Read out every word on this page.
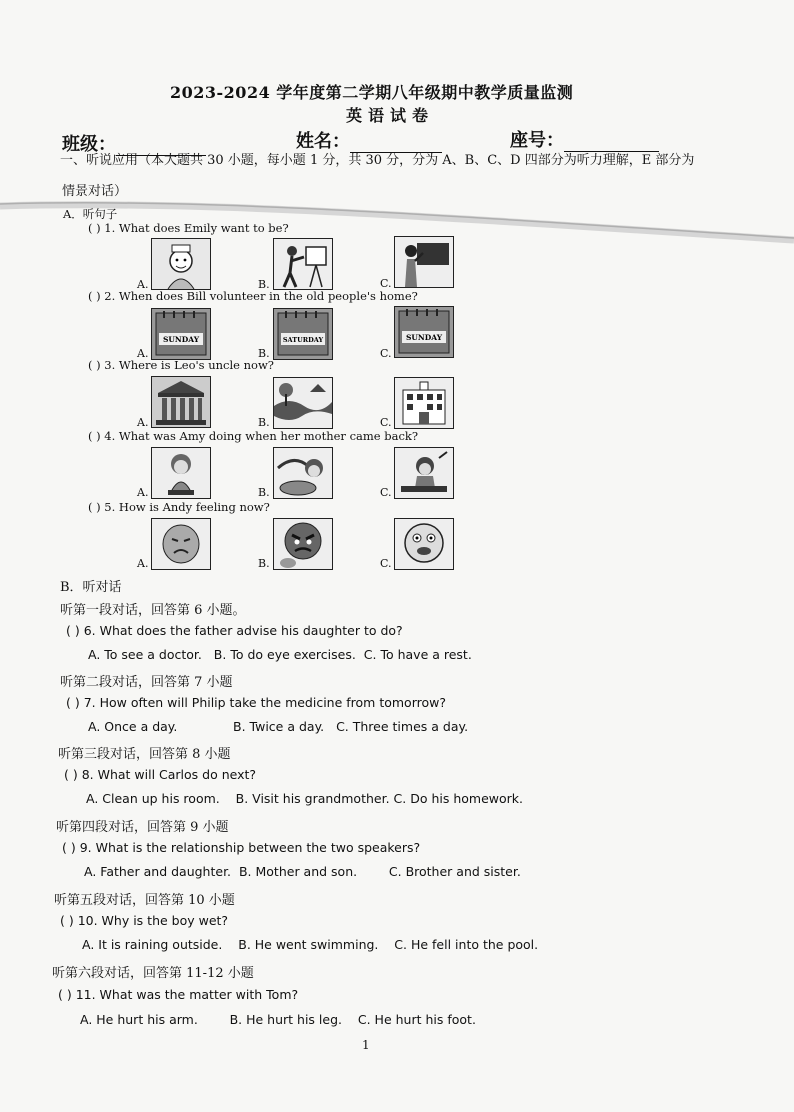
2023-2024 学年度第二学期八年级期中教学质量监测
英语试卷
班级：	姓名：	座号：
一、听说应用（本大题共 30 小题，每小题 1 分，共 30 分，分为 A、B、C、D 四部分为听力理解，E 部分为
情景对话）
A．听句子
( ) 1. What does Emily want to be?
A.	B.	C.
( ) 2. When does Bill volunteer in the old people's home?
A.
SUNDAY
B.
SATURDAY
C.
SUNDAY
( ) 3. Where is Leo's uncle now?
A.	B.	C.
( ) 4. What was Amy doing when her mother came back?
A.	B.	C.
( ) 5. How is Andy feeling now?
A.	B.	C.
B．听对话
听第一段对话，回答第 6 小题。
( ) 6. What does the father advise his daughter to do?
A. To see a doctor.   B. To do eye exercises.  C. To have a rest.
听第二段对话，回答第 7 小题
( ) 7. How often will Philip take the medicine from tomorrow?
A. Once a day.              B. Twice a day.   C. Three times a day.
听第三段对话，回答第 8 小题
( ) 8. What will Carlos do next?
A. Clean up his room.    B. Visit his grandmother. C. Do his homework.
听第四段对话，回答第 9 小题
( ) 9. What is the relationship between the two speakers?
A. Father and daughter.  B. Mother and son.        C. Brother and sister.
听第五段对话，回答第 10 小题
( ) 10. Why is the boy wet?
A. It is raining outside.    B. He went swimming.    C. He fell into the pool.
听第六段对话，回答第 11-12 小题
( ) 11. What was the matter with Tom?
A. He hurt his arm.        B. He hurt his leg.    C. He hurt his foot.
1
